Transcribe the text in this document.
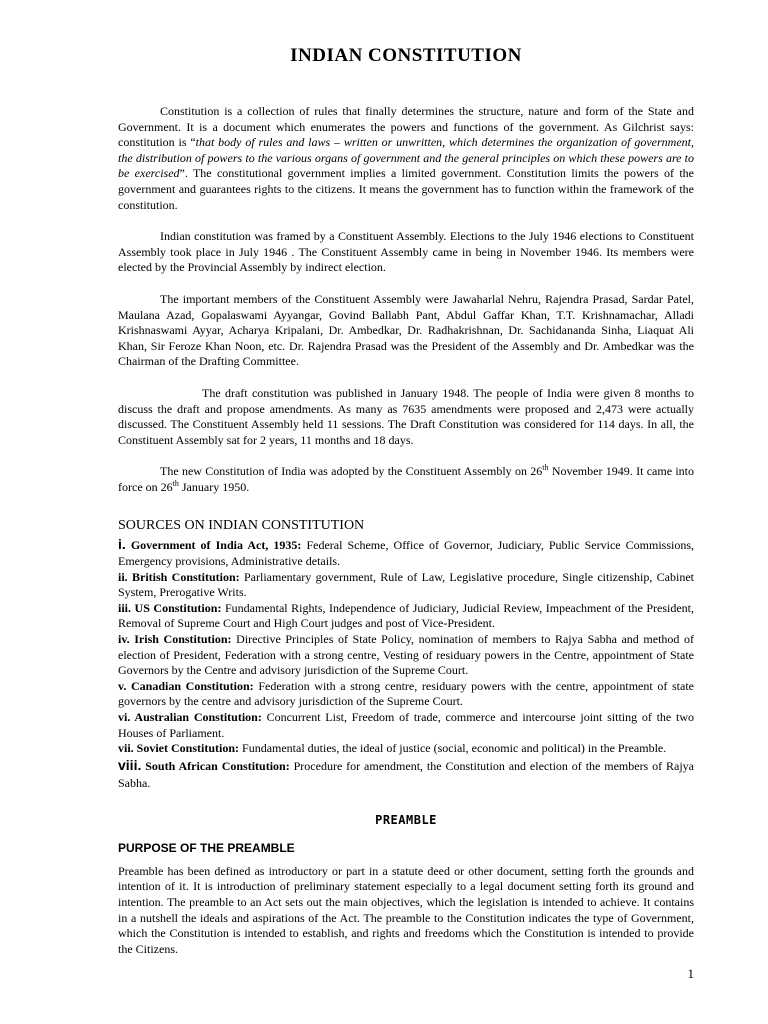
INDIAN CONSTITUTION

Constitution is a collection of rules that finally determines the structure, nature and form of the State and Government. It is a document which enumerates the powers and functions of the government. As Gilchrist says: constitution is “that body of rules and laws – written or unwritten, which determines the organization of government, the distribution of powers to the various organs of government and the general principles on which these powers are to be exercised”. The constitutional government implies a limited government. Constitution limits the powers of the government and guarantees rights to the citizens. It means the government has to function within the framework of the constitution.

Indian constitution was framed by a Constituent Assembly. Elections to the July 1946 elections to Constituent Assembly took place in July 1946 . The Constituent Assembly came in being in November 1946. Its members were elected by the Provincial Assembly by indirect election.

The important members of the Constituent Assembly were Jawaharlal Nehru, Rajendra Prasad, Sardar Patel, Maulana Azad, Gopalaswami Ayyangar, Govind Ballabh Pant, Abdul Gaffar Khan, T.T. Krishnamachar, Alladi Krishnaswami Ayyar, Acharya Kripalani, Dr. Ambedkar, Dr. Radhakrishnan, Dr. Sachidananda Sinha, Liaquat Ali Khan, Sir Feroze Khan Noon, etc. Dr. Rajendra Prasad was the President of the Assembly and Dr. Ambedkar was the Chairman of the Drafting Committee.

The draft constitution was published in January 1948. The people of India were given 8 months to discuss the draft and propose amendments. As many as 7635 amendments were proposed and 2,473 were actually discussed. The Constituent Assembly held 11 sessions. The Draft Constitution was considered for 114 days. In all, the Constituent Assembly sat for 2 years, 11 months and 18 days.

The new Constitution of India was adopted by the Constituent Assembly on 26th November 1949. It came into force on 26th January 1950.

SOURCES ON INDIAN CONSTITUTION

i. Government of India Act, 1935: Federal Scheme, Office of Governor, Judiciary, Public Service Commissions, Emergency provisions, Administrative details.

ii. British Constitution: Parliamentary government, Rule of Law, Legislative procedure, Single citizenship, Cabinet System, Prerogative Writs.

iii. US Constitution: Fundamental Rights, Independence of Judiciary, Judicial Review, Impeachment of the President, Removal of Supreme Court and High Court judges and post of Vice-President.

iv. Irish Constitution: Directive Principles of State Policy, nomination of members to Rajya Sabha and method of election of President, Federation with a strong centre, Vesting of residuary powers in the Centre, appointment of State Governors by the Centre and advisory jurisdiction of the Supreme Court.

v. Canadian Constitution: Federation with a strong centre, residuary powers with the centre, appointment of state governors by the centre and advisory jurisdiction of the Supreme Court.

vi. Australian Constitution: Concurrent List, Freedom of trade, commerce and intercourse joint sitting of the two Houses of Parliament.

vii. Soviet Constitution: Fundamental duties, the ideal of justice (social, economic and political) in the Preamble.

viii. South African Constitution: Procedure for amendment, the Constitution and election of the members of Rajya Sabha.

PREAMBLE
PURPOSE OF THE PREAMBLE

Preamble has been defined as introductory or part in a statute deed or other document, setting forth the grounds and intention of it. It is introduction of preliminary statement especially to a legal document setting forth its ground and intention. The preamble to an Act sets out the main objectives, which the legislation is intended to achieve. It contains in a nutshell the ideals and aspirations of the Act. The preamble to the Constitution indicates the type of Government, which the Constitution is intended to establish, and rights and freedoms which the Constitution is intended to provide the Citizens.

1
